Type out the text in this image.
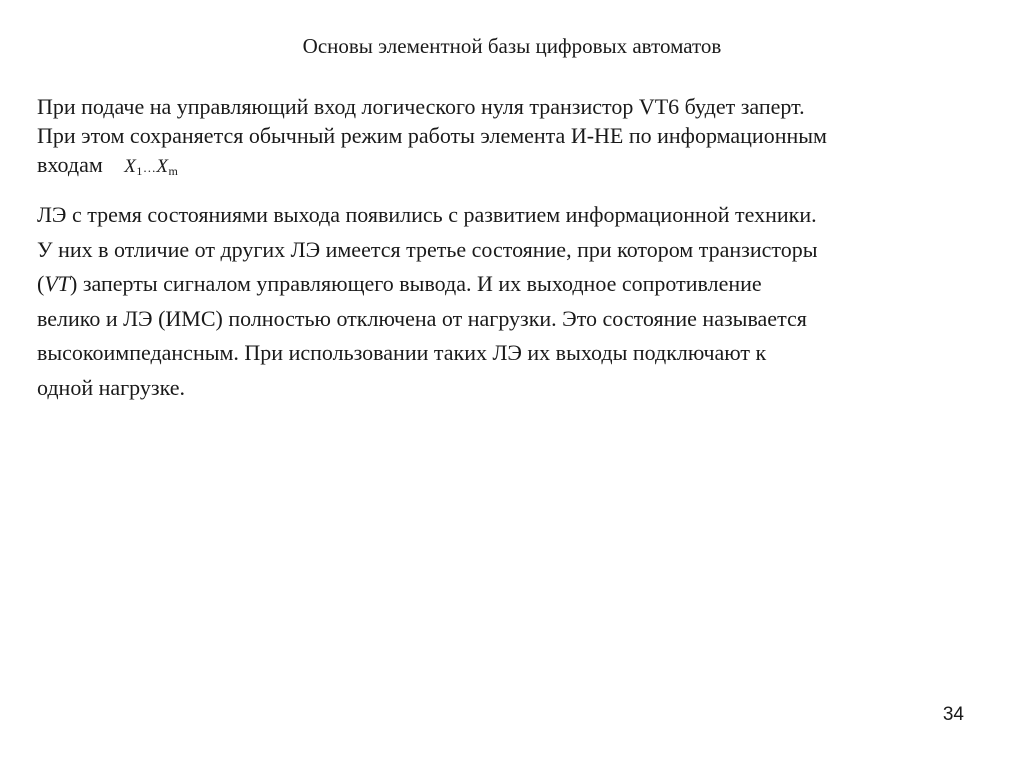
Основы элементной базы цифровых автоматов
При подаче на управляющий вход логического нуля транзистор VT6 будет заперт.
При этом сохраняется обычный режим работы элемента И-НЕ по информационным
входам $X_1\dots X_m$
ЛЭ с тремя состояниями выхода появились с развитием информационной техники.
У них в отличие от других ЛЭ имеется третье состояние, при котором транзисторы
(VT) заперты сигналом управляющего вывода. И их выходное сопротивление
велико и ЛЭ (ИМС) полностью отключена от нагрузки. Это состояние называется
высокоимпедансным. При использовании таких ЛЭ их выходы подключают к
одной нагрузке.
34
